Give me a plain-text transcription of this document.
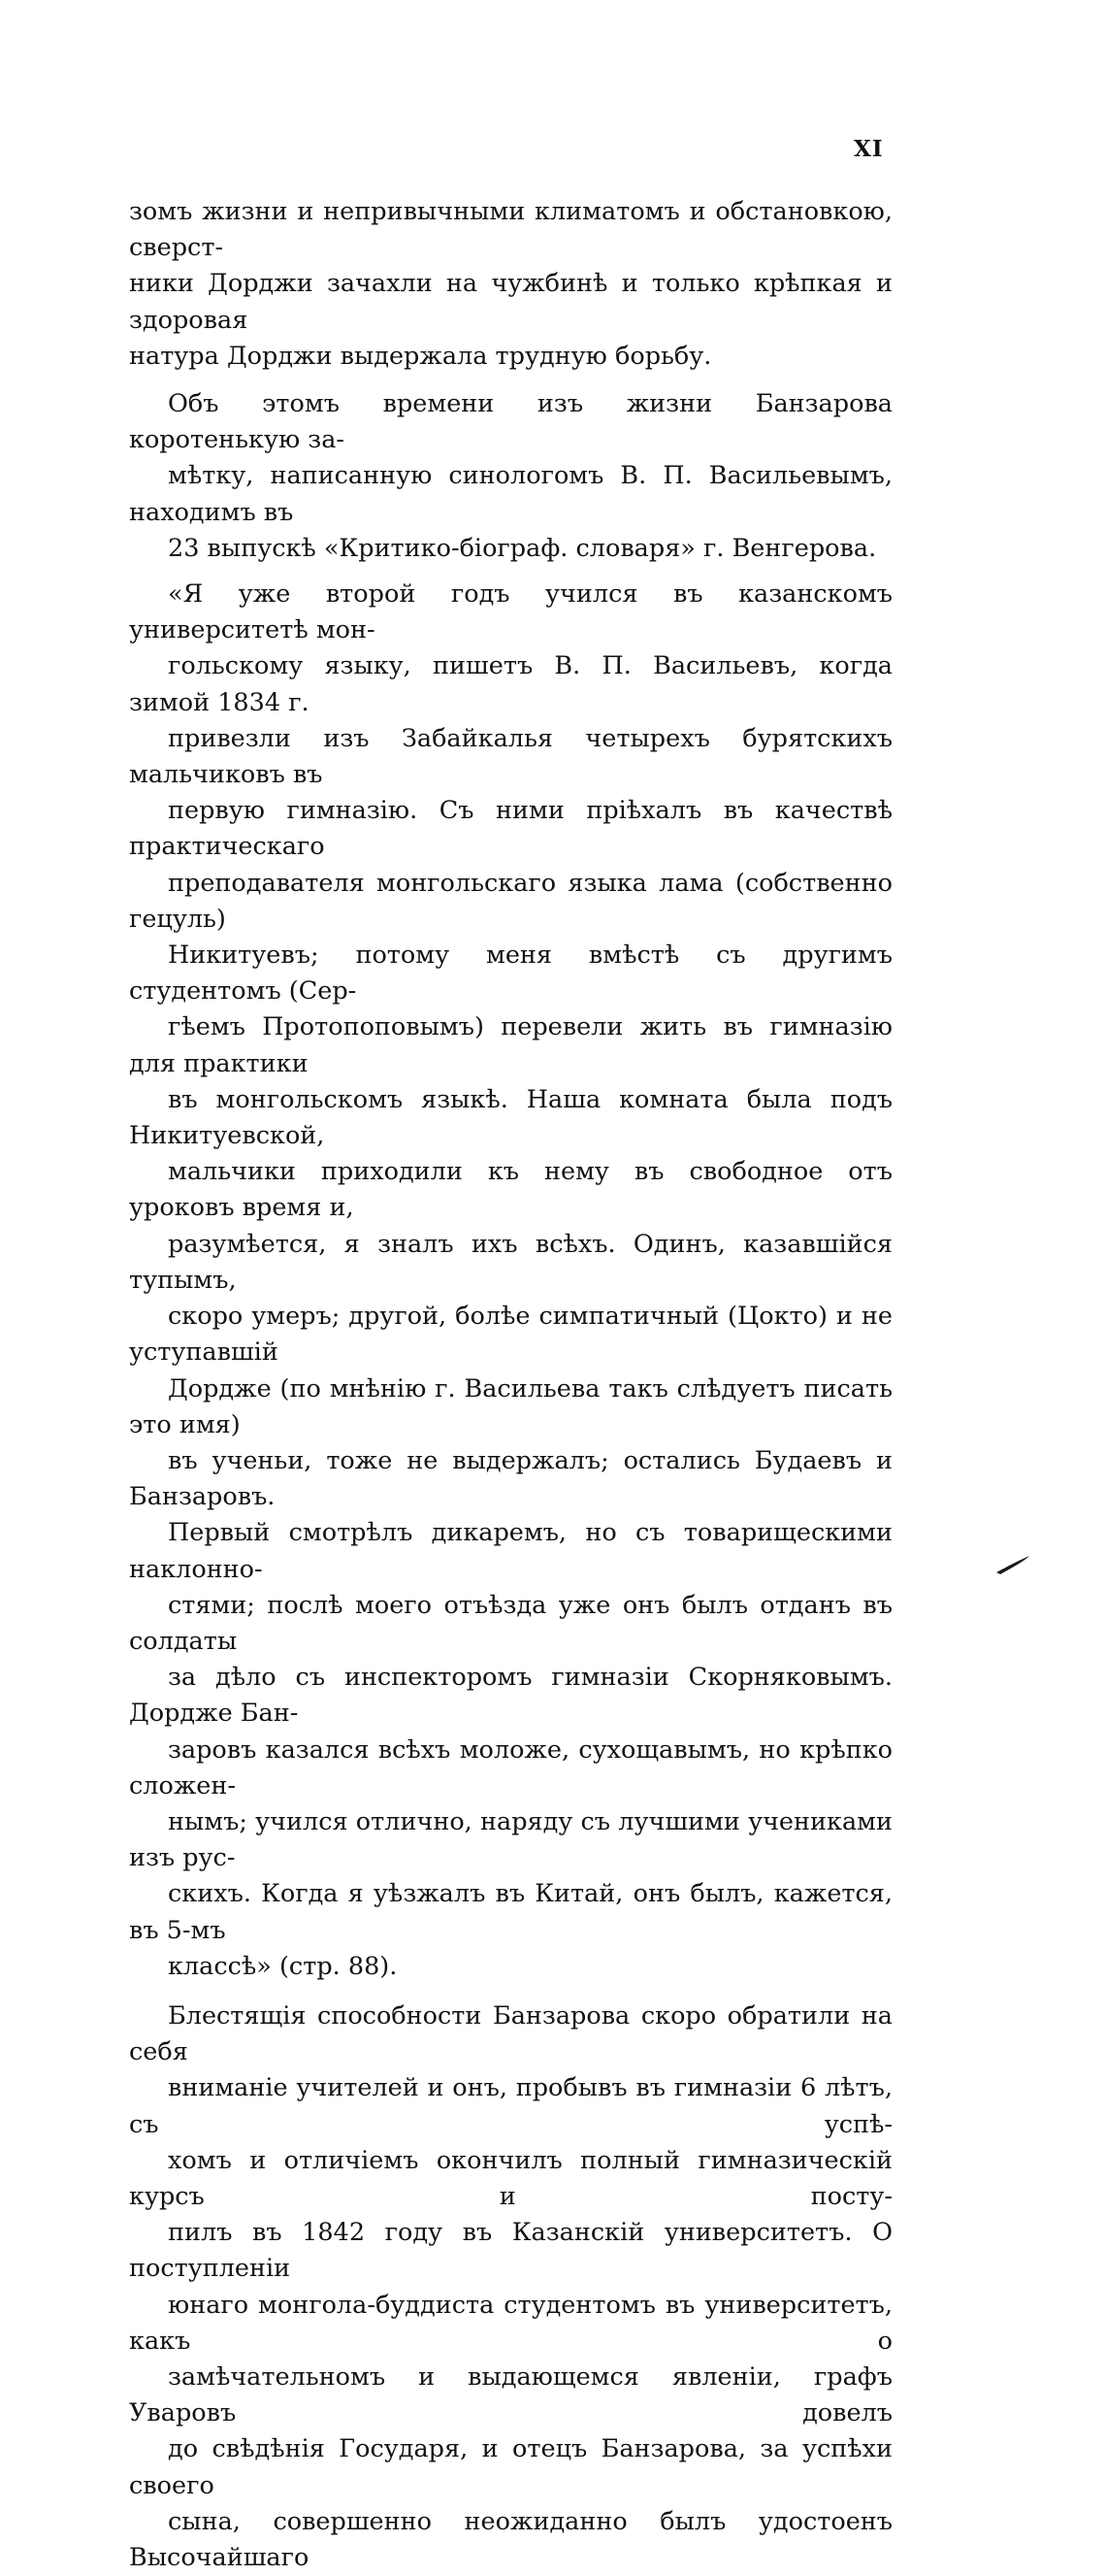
XI

зомъ жизни и непривычными климатомъ и обстановкою, сверст-
ники Дорджи зачахли на чужбинѣ и только крѣпкая и здоровая
натура Дорджи выдержала трудную борьбу.

Объ этомъ времени изъ жизни Банзарова коротенькую за-
мѣтку, написанную синологомъ В. П. Васильевымъ, находимъ въ
23 выпускѣ «Критико-біограф. словаря» г. Венгерова.

«Я уже второй годъ учился въ казанскомъ университетѣ мон-
гольскому языку, пишетъ В. П. Васильевъ, когда зимой 1834 г.
привезли изъ Забайкалья четырехъ бурятскихъ мальчиковъ въ
первую гимназію. Съ ними пріѣхалъ въ качествѣ практическаго
преподавателя монгольскаго языка лама (собственно гецуль)
Никитуевъ; потому меня вмѣстѣ съ другимъ студентомъ (Сер-
гѣемъ Протопоповымъ) перевели жить въ гимназію для практики
въ монгольскомъ языкѣ. Наша комната была подъ Никитуевской,
мальчики приходили къ нему въ свободное отъ уроковъ время и,
разумѣется, я зналъ ихъ всѣхъ. Одинъ, казавшійся тупымъ,
скоро умеръ; другой, болѣе симпатичный (Цокто) и не уступавшій
Дордже (по мнѣнію г. Васильева такъ слѣдуетъ писать это имя)
въ ученьи, тоже не выдержалъ; остались Будаевъ и Банзаровъ.
Первый смотрѣлъ дикаремъ, но съ товарищескими наклонно-
стями; послѣ моего отъѣзда уже онъ былъ отданъ въ солдаты
за дѣло съ инспекторомъ гимназіи Скорняковымъ. Дордже Бан-
заровъ казался всѣхъ моложе, сухощавымъ, но крѣпко сложен-
нымъ; учился отлично, наряду съ лучшими учениками изъ рус-
скихъ. Когда я уѣзжалъ въ Китай, онъ былъ, кажется, въ 5-мъ
классѣ» (стр. 88).

Блестящія способности Банзарова скоро обратили на себя
вниманіе учителей и онъ, пробывъ въ гимназіи 6 лѣтъ, съ успѣ-
хомъ и отличіемъ окончилъ полный гимназическій курсъ и посту-
пилъ въ 1842 году въ Казанскій университетъ. О поступленіи
юнаго монгола-буддиста студентомъ въ университетъ, какъ о
замѣчательномъ и выдающемся явленіи, графъ Уваровъ довелъ
до свѣдѣнія Государя, и отецъ Банзарова, за успѣхи своего
сына, совершенно неожиданно былъ удостоенъ Высочайшаго
